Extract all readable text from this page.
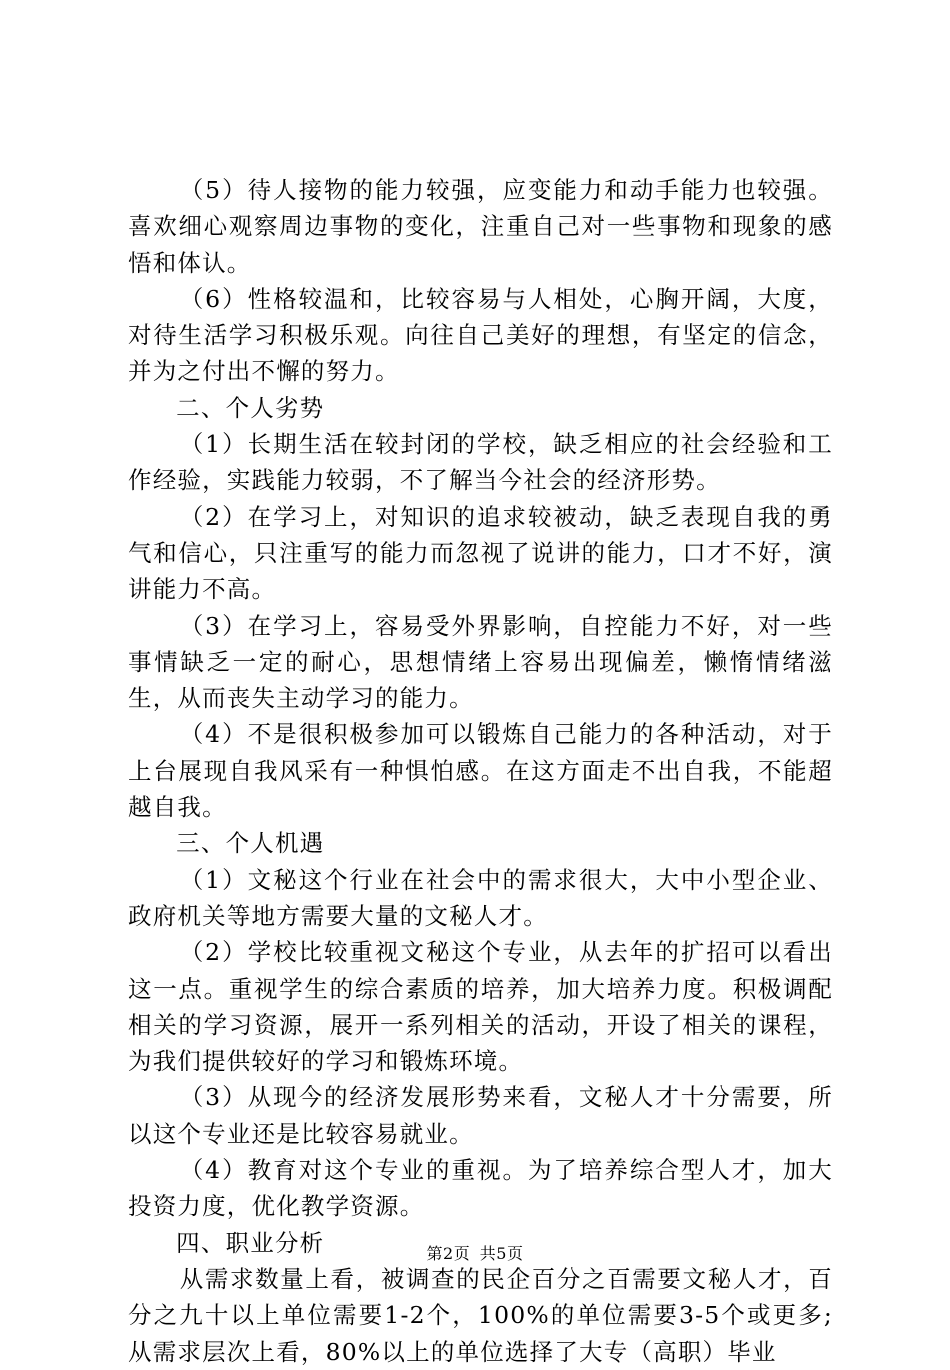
（5）待人接物的能力较强，应变能力和动手能力也较强。喜欢细心观察周边事物的变化，注重自己对一些事物和现象的感悟和体认。

（6）性格较温和，比较容易与人相处，心胸开阔，大度，对待生活学习积极乐观。向往自己美好的理想，有坚定的信念，并为之付出不懈的努力。

二、个人劣势

（1）长期生活在较封闭的学校，缺乏相应的社会经验和工作经验，实践能力较弱，不了解当今社会的经济形势。

（2）在学习上，对知识的追求较被动，缺乏表现自我的勇气和信心，只注重写的能力而忽视了说讲的能力，口才不好，演讲能力不高。

（3）在学习上，容易受外界影响，自控能力不好，对一些事情缺乏一定的耐心，思想情绪上容易出现偏差，懒惰情绪滋生，从而丧失主动学习的能力。

（4）不是很积极参加可以锻炼自己能力的各种活动，对于上台展现自我风采有一种惧怕感。在这方面走不出自我，不能超越自我。

三、个人机遇

（1）文秘这个行业在社会中的需求很大，大中小型企业、政府机关等地方需要大量的文秘人才。

（2）学校比较重视文秘这个专业，从去年的扩招可以看出这一点。重视学生的综合素质的培养，加大培养力度。积极调配相关的学习资源，展开一系列相关的活动，开设了相关的课程，为我们提供较好的学习和锻炼环境。

（3）从现今的经济发展形势来看，文秘人才十分需要，所以这个专业还是比较容易就业。

（4）教育对这个专业的重视。为了培养综合型人才，加大投资力度，优化教学资源。

四、职业分析

从需求数量上看，被调查的民企百分之百需要文秘人才，百分之九十以上单位需要1-2个，100%的单位需要3-5个或更多;从需求层次上看，80%以上的单位选择了大专（高职）毕业

第2页 共5页
